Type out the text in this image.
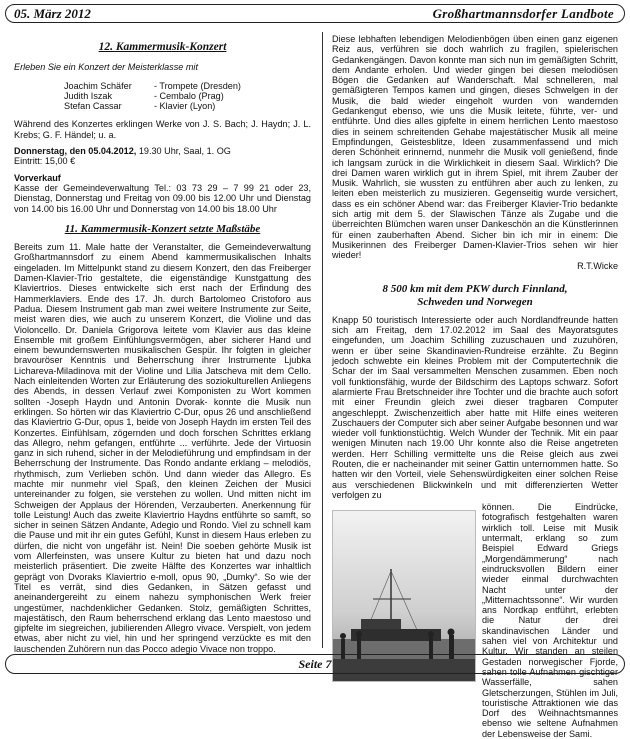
05. März 2012	Großhartmannsdorfer Landbote
12. Kammermusik-Konzert
Erleben Sie ein Konzert der Meisterklasse mit
Joachim Schäfer	- Trompete (Dresden)
Judith Iszak	- Cembalo (Prag)
Stefan Cassar	- Klavier (Lyon)
Während des Konzertes erklingen Werke von J. S. Bach; J. Haydn; J. L. Krebs; G. F. Händel; u. a.
Donnerstag, den 05.04.2012, 19.30 Uhr, Saal, 1. OG
Eintritt: 15,00 €
Vorverkauf
Kasse der Gemeindeverwaltung Tel.: 03 73 29 – 7 99 21 oder 23, Dienstag, Donnerstag und Freitag von 09.00 bis 12.00 Uhr und Dienstag von 14.00 bis 16.00 Uhr und Donnerstag von 14.00 bis 18.00 Uhr
11. Kammermusik-Konzert setzte Maßstäbe
Bereits zum 11. Male hatte der Veranstalter, die Gemeindeverwaltung Großhartmannsdorf zu einem Abend kammermusikalischen Inhalts eingeladen. Im Mittelpunkt stand zu diesem Konzert, den das Freiberger Damen-Klavier-Trio gestaltete, die eigenständige Kunstgattung des Klaviertrios. Dieses entwickelte sich erst nach der Erfindung des Hammerklaviers. Ende des 17. Jh. durch Bartolomeo Cristoforo aus Padua. Diesem Instrument gab man zwei weitere Instrumente zur Seite, meist waren dies, wie auch zu unserem Konzert, die Violine und das Violoncello. Dr. Daniela Grigorova leitete vom Klavier aus das kleine Ensemble mit großem Einfühlungsvermögen, aber sicherer Hand und einem bewundernswerten musikalischen Gespür. Ihr folgten in gleicher bravouröser Kenntnis und Beherrschung ihrer Instrumente Ljubka Lichareva-Miladinova mit der Violine und Lilia Jatscheva mit dem Cello. Nach einleitenden Worten zur Erläuterung des soziokulturellen Anliegens des Abends, in dessen Verlauf zwei Komponisten zu Wort kommen sollten -Joseph Haydn und Antonin Dvorak- konnte die Musik nun erklingen. So hörten wir das Klaviertrio C-Dur, opus 26 und anschließend das Klaviertrio G-Dur, opus 1, beide von Joseph Haydn im ersten Teil des Konzertes. Einfühlsam, zögernden und doch forschen Schrittes erklang das Allegro, nehm gefangen, entführte ... verführte. Jede der Virtuosin ganz in sich ruhend, sicher in der Melodieführung und empfindsam in der Beherrschung der Instrumente. Das Rondo andante erklang – melodiös, rhythmisch, zum Verlieben schön. Und dann wieder das Allegro. Es machte mir nunmehr viel Spaß, den kleinen Zeichen der Musici untereinander zu folgen, sie verstehen zu wollen. Und mitten nicht im Schweigen der Applaus der Hörenden, Verzauberten. Anerkennung für tolle Leistung! Auch das zweite Klaviertrio Haydns entführte so samft, so sicher in seinen Sätzen Andante, Adegio und Rondo. Viel zu schnell kam die Pause und mit ihr ein gutes Gefühl, Kunst in diesem Haus erleben zu dürfen, die nicht von ungefähr ist. Nein! Die soeben gehörte Musik ist vom Allerfeinsten, was unsere Kultur zu bieten hat und dazu noch meisterlich präsentiert. Die zweite Hälfte des Konzertes war inhaltlich geprägt von Dvoraks Klaviertrio e-moll, opus 90, „Dumky“. So wie der Titel es verrät, sind dies Gedanken, in Sätzen gefasst und aneinandergereiht zu einem nahezu symphonischen Werk freier ungestümer, nachdenklicher Gedanken. Stolz, gemäßigten Schrittes, majestätisch, den Raum beherrschend erklang das Lento maestoso und gipfelte im siegreichen, jubilierenden Allegro vivace. Verspielt, von jedem etwas, aber nicht zu viel, hin und her springend verzückte es mit den lauschenden Zuhörern nun das Pocco adegio Vivace non troppo.
Diese lebhaften lebendigen Melodienbögen üben einen ganz eigenen Reiz aus, verführen sie doch wahrlich zu fragilen, spielerischen Gedankengängen. Davon konnte man sich nun im gemäßigten Schritt, dem Andante erholen. Und wieder gingen bei diesen melodiösen Bögen die Gedanken auf Wanderschaft. Mal schnelleren, mal gemäßigteren Tempos kamen und gingen, dieses Schwelgen in der Musik, die bald wieder eingeholt wurden von wandernden Gedankengut ebenso, wie uns die Musik leitete, führte, ver- und entführte. Und dies alles gipfelte in einem herrlichen Lento maestoso dies in seinem schreitenden Gehabe majestätischer Musik all meine Empfindungen, Geistesblitze, Ideen zusammenfassend und mich deren Schönheit erinnernd, nunmehr die Musik voll genießend, finde ich langsam zurück in die Wirklichkeit in diesem Saal. Wirklich? Die drei Damen waren wirklich gut in ihrem Spiel, mit ihrem Zauber der Musik. Wahrlich, sie wussten zu entführen aber auch zu lenken, zu leiten eben meisterlich zu musizieren. Gegenseitig wurde versichert, dass es ein schöner Abend war: das Freiberger Klavier-Trio bedankte sich artig mit dem 5. der Slawischen Tänze als Zugabe und die überreichten Blümchen waren unser Dankeschön an die Künstlerinnen für einen zauberhaften Abend. Sicher bin ich mir in einem: Die Musikerinnen des Freiberger Damen-Klavier-Trios sehen wir hier wieder!
R.T.Wicke
8 500 km mit dem PKW durch Finnland,
Schweden und Norwegen
Knapp 50 touristisch Interessierte oder auch Nordlandfreunde hatten sich am Freitag, dem 17.02.2012 im Saal des Mayoratsgutes eingefunden, um Joachim Schilling zuzuschauen und zuzuhören, wenn er über seine Skandinavien-Rundreise erzählte. Zu Beginn jedoch schwebte ein kleines Problem mit der Computertechnik die Schar der im Saal versammelten Menschen zusammen. Eben noch voll funktionsfähig, wurde der Bildschirm des Laptops schwarz. Sofort alarmierte Frau Bretschneider ihre Tochter und die brachte auch sofort mit einer Freundin gleich zwei dieser tragbaren Computer angeschleppt. Zwischenzeitlich aber hatte mit Hilfe eines weiteren Zuschauers der Computer sich aber seiner Aufgabe besonnen und war wieder voll funktionstüchtig. Welch Wunder der Technik. Mit ein paar wenigen Minuten nach 19.00 Uhr konnte also die Reise angetreten werden. Herr Schilling vermittelte uns die Reise gleich aus zwei Routen, die er nacheinander mit seiner Gattin unternommen hatte. So hatten wir den Vorteil, viele Sehenswürdigkeiten einer solchen Reise aus verschiedenen Blickwinkeln und mit differenzierten Wetter verfolgen zu
können. Die Eindrücke, fotografisch festgehalten waren wirklich toll. Leise mit Musik untermalt, erklang so zum Beispiel Edward Griegs „Morgendämmerung“ nach eindrucksvollen Bildern einer wieder einmal durchwachten Nacht unter der „Mitternachtssonne“. Wir wurden ans Nordkap entführt, erlebten die Natur der drei skandinavischen Länder und sahen viel von Architektur und Kultur. Wir standen an steilen Gestaden norwegischer Fjorde, sahen tolle Aufnahmen gischtiger Wasserfälle, sahen Gletscherzungen, Stühlen im Juli, touristische Attraktionen wie das Dorf des Weihnachtsmannes ebenso wie seltene Aufnahmen der Lebensweise der Sami.
Seite 7
